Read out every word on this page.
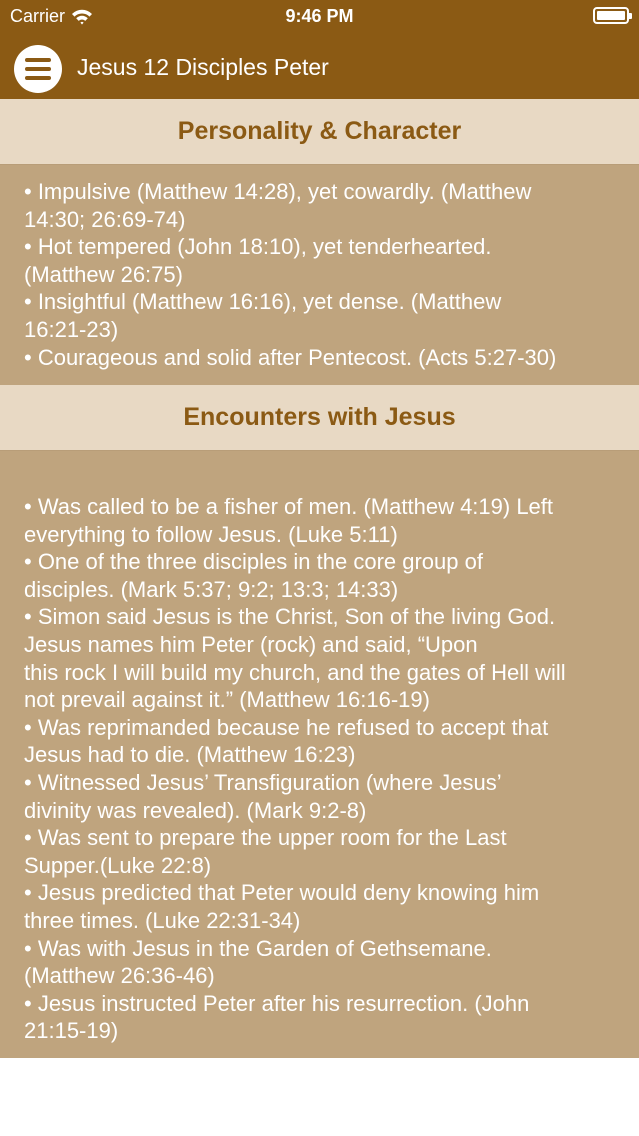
Carrier	9:46 PM
Jesus 12 Disciples Peter
Personality & Character

• Impulsive (Matthew 14:28), yet cowardly. (Matthew

14:30; 26:69-74)

• Hot tempered (John 18:10), yet tenderhearted.

(Matthew 26:75)

• Insightful (Matthew 16:16), yet dense. (Matthew

16:21-23)

• Courageous and solid after Pentecost. (Acts 5:27-30)

Encounters with Jesus

• Was called to be a fisher of men. (Matthew 4:19) Left

everything to follow Jesus. (Luke 5:11)

• One of the three disciples in the core group of

disciples. (Mark 5:37; 9:2; 13:3; 14:33)

• Simon said Jesus is the Christ, Son of the living God.

Jesus names him Peter (rock) and said, “Upon

this rock I will build my church, and the gates of Hell will

not prevail against it.” (Matthew 16:16-19)

• Was reprimanded because he refused to accept that

Jesus had to die. (Matthew 16:23)

• Witnessed Jesus’ Transfiguration (where Jesus’

divinity was revealed). (Mark 9:2-8)

• Was sent to prepare the upper room for the Last

Supper.(Luke 22:8)

• Jesus predicted that Peter would deny knowing him

three times. (Luke 22:31-34)

• Was with Jesus in the Garden of Gethsemane.

(Matthew 26:36-46)

• Jesus instructed Peter after his resurrection. (John

21:15-19)
